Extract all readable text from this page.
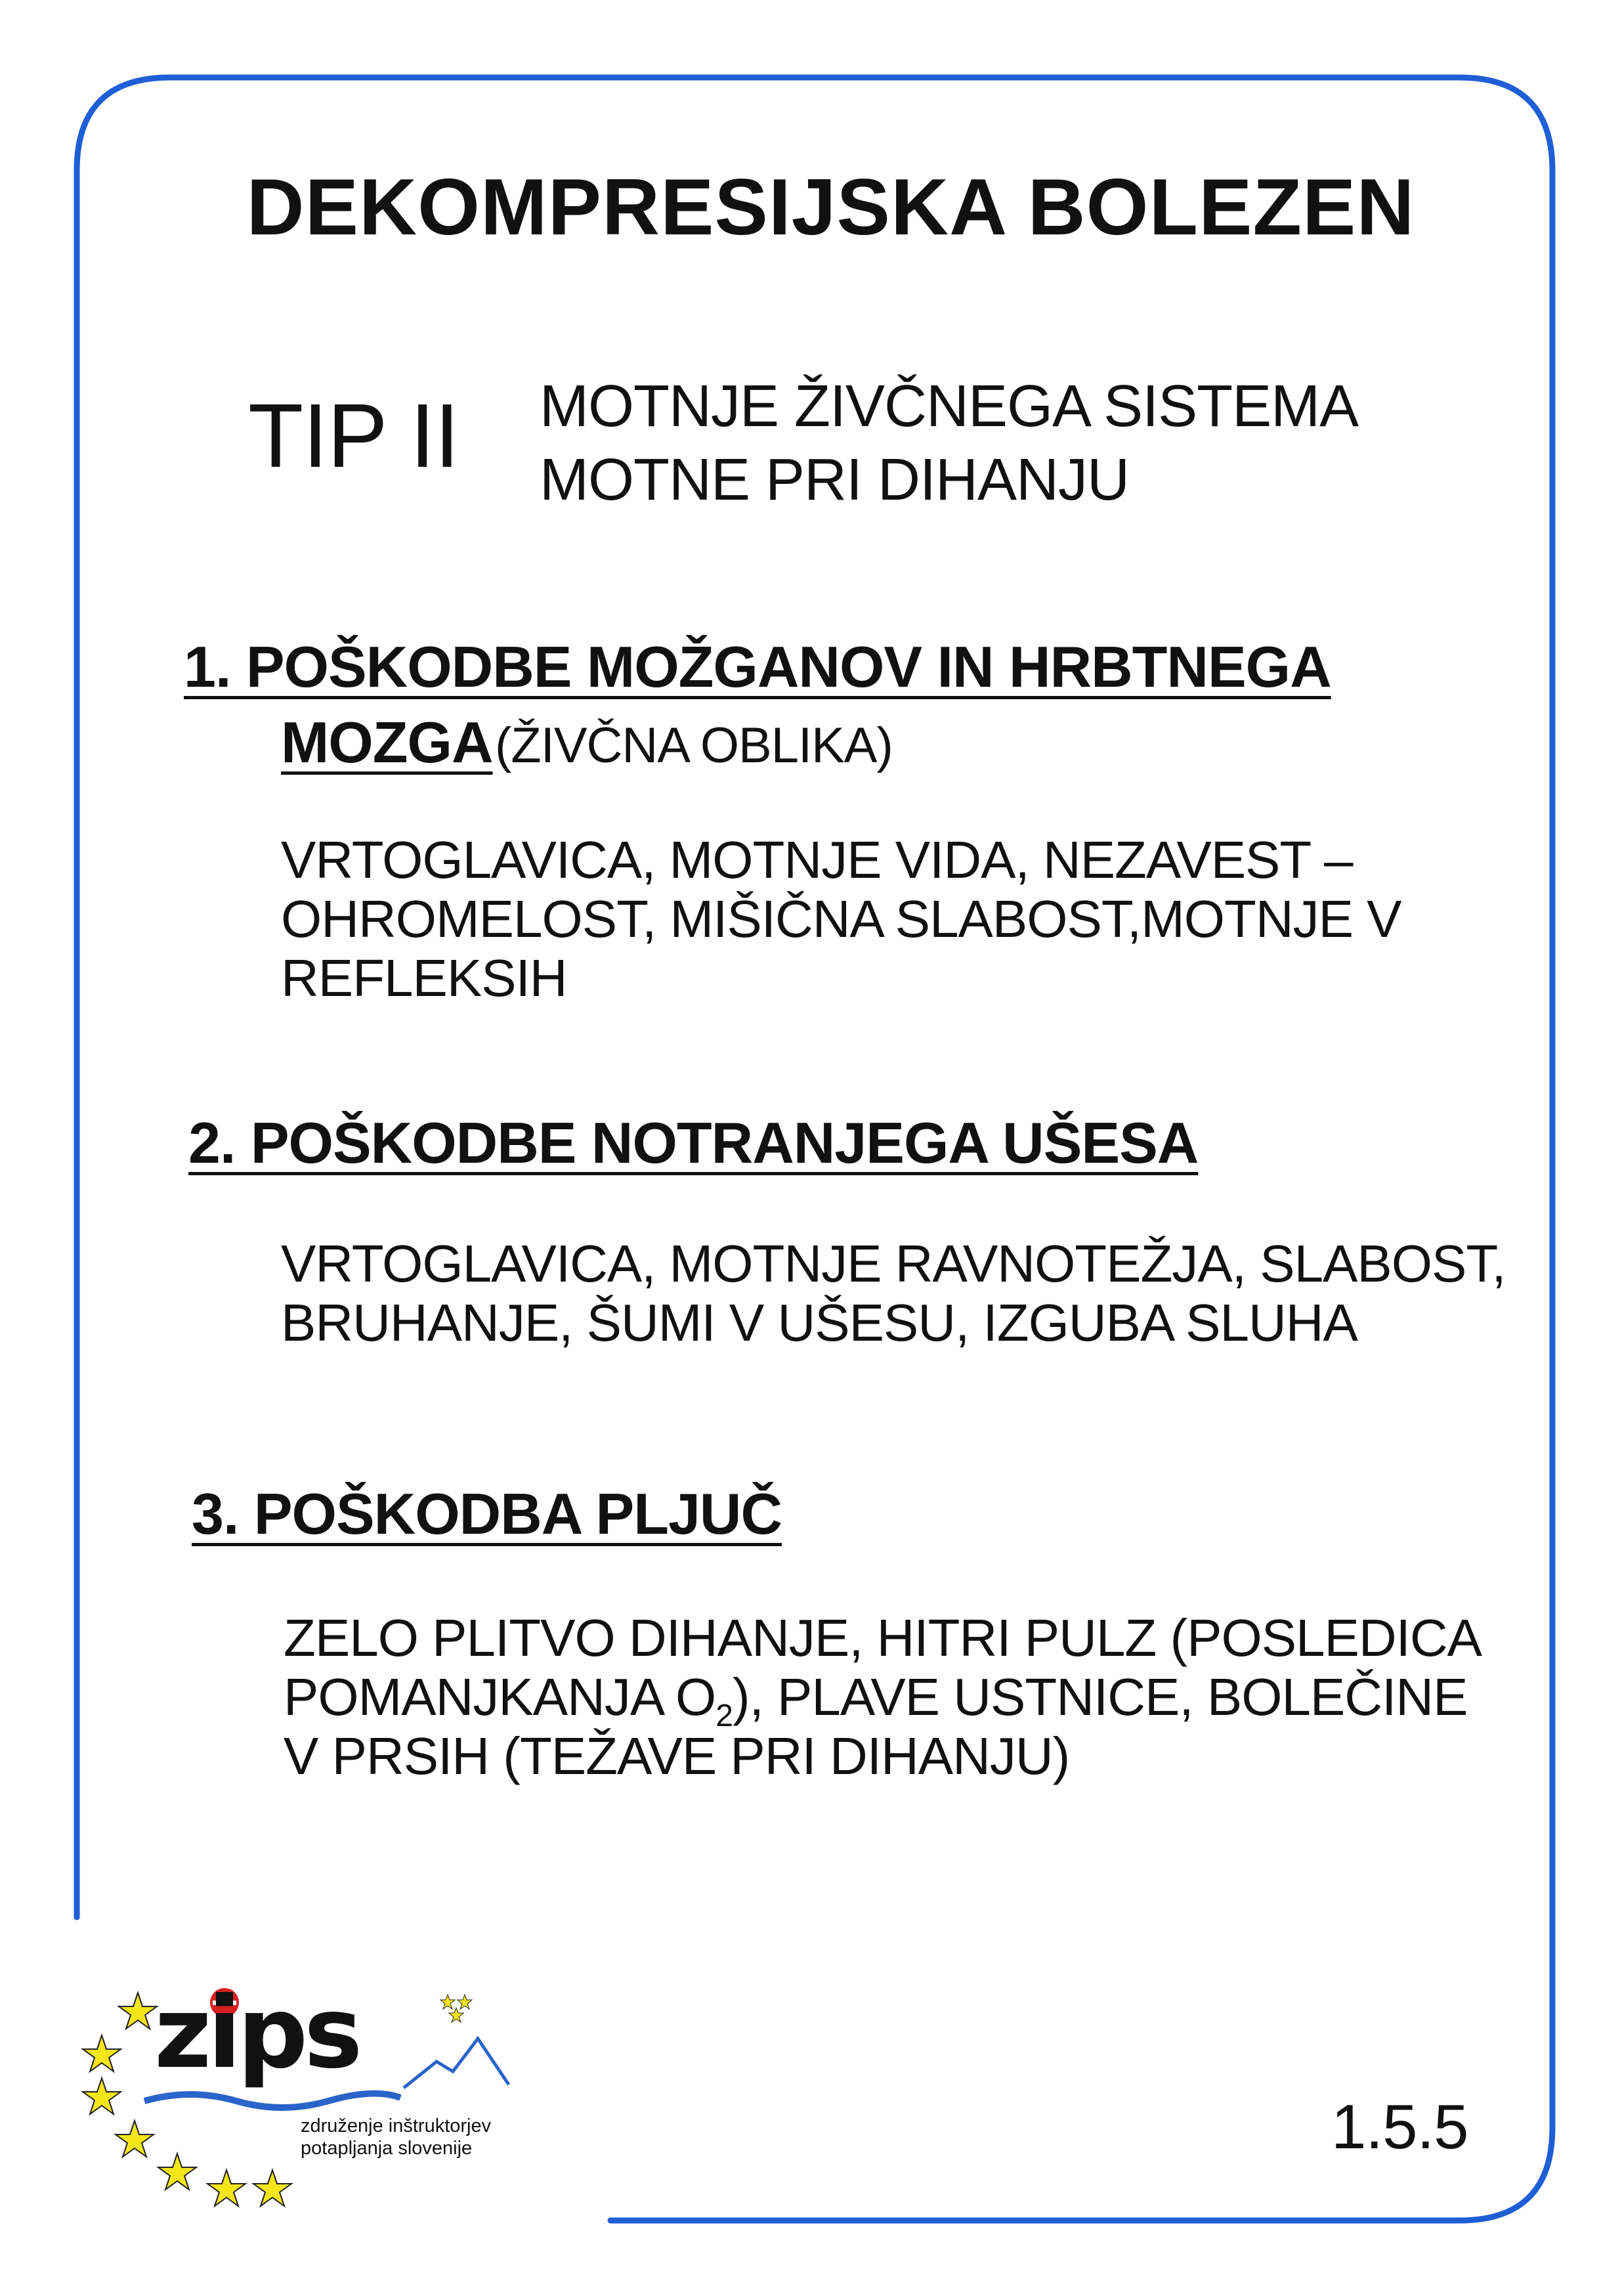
DEKOMPRESIJSKA BOLEZEN
TIP II MOTNJE ŽIVČNEGA SISTEMA
MOTNE PRI DIHANJU
1. POŠKODBE MOŽGANOV IN HRBTNEGA
MOZGA (ŽIVČNA OBLIKA)
VRTOGLAVICA, MOTNJE VIDA, NEZAVEST –
OHROMELOST, MIŠIČNA SLABOST,MOTNJE V
REFLEKSIH
2. POŠKODBE NOTRANJEGA UŠESA
VRTOGLAVICA, MOTNJE RAVNOTEŽJA, SLABOST,
BRUHANJE, ŠUMI V UŠESU, IZGUBA SLUHA
3. POŠKODBA PLJUČ
ZELO PLITVO DIHANJE, HITRI PULZ (POSLEDICA
POMANJKANJA $O_2$), PLAVE USTNICE, BOLEČINE
V PRSIH (TEŽAVE PRI DIHANJU)
zips
združenje inštruktorjev
potapljanja slovenije	1.5.5
